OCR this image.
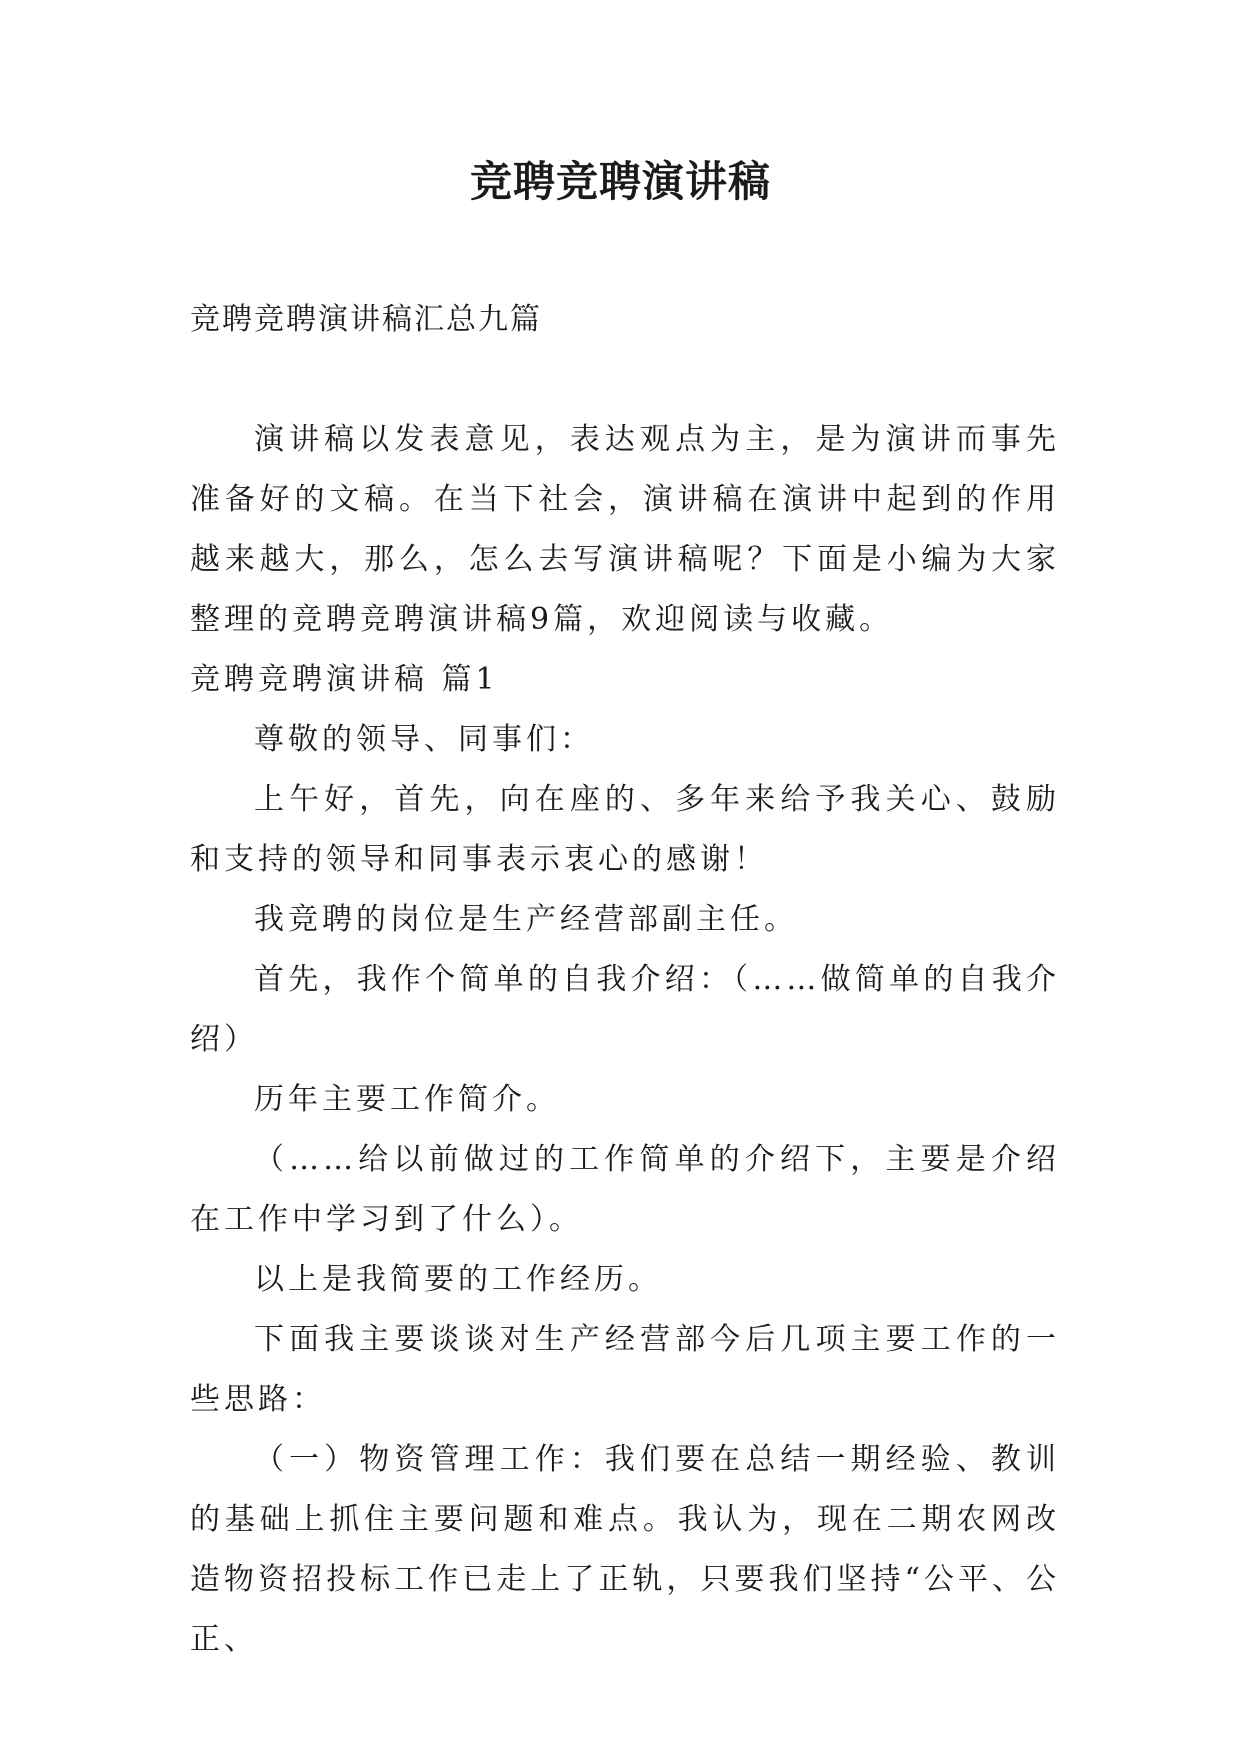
竞聘竞聘演讲稿
竞聘竞聘演讲稿汇总九篇

演讲稿以发表意见，表达观点为主，是为演讲而事先准备好的文稿。在当下社会，演讲稿在演讲中起到的作用越来越大，那么，怎么去写演讲稿呢？下面是小编为大家整理的竞聘竞聘演讲稿9篇，欢迎阅读与收藏。

竞聘竞聘演讲稿 篇1

尊敬的领导、同事们：

上午好，首先，向在座的、多年来给予我关心、鼓励和支持的领导和同事表示衷心的感谢！

我竞聘的岗位是生产经营部副主任。

首先，我作个简单的自我介绍：（……做简单的自我介绍）

历年主要工作简介。

（……给以前做过的工作简单的介绍下，主要是介绍在工作中学习到了什么）。

以上是我简要的工作经历。

下面我主要谈谈对生产经营部今后几项主要工作的一些思路：

（一）物资管理工作：我们要在总结一期经验、教训的基础上抓住主要问题和难点。我认为，现在二期农网改造物资招投标工作已走上了正轨，只要我们坚持“公平、公正、
